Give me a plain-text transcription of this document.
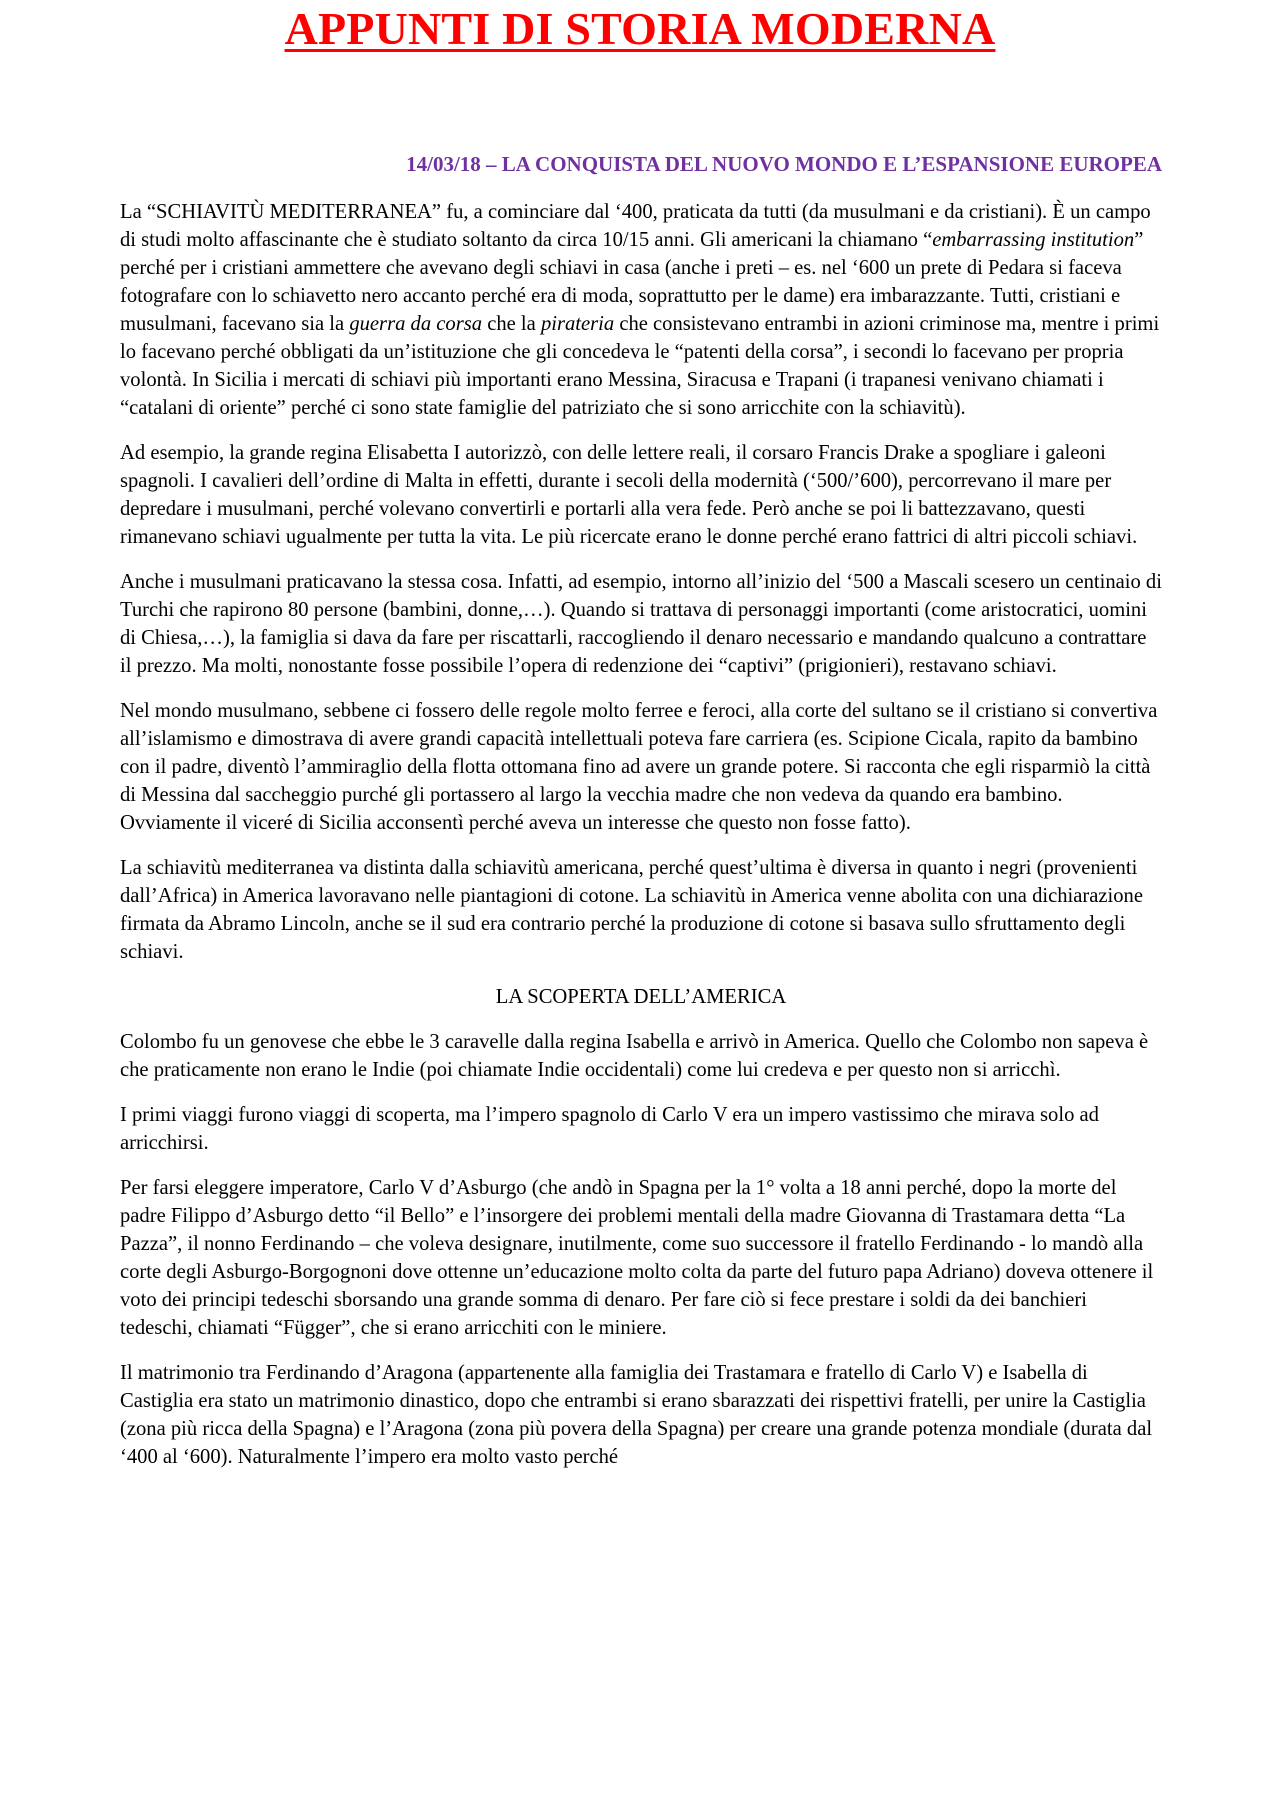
APPUNTI DI STORIA MODERNA
14/03/18 – LA CONQUISTA DEL NUOVO MONDO E L’ESPANSIONE EUROPEA

La “SCHIAVITÙ MEDITERRANEA” fu, a cominciare dal ‘400, praticata da tutti (da musulmani e da cristiani). È un campo di studi molto affascinante che è studiato soltanto da circa 10/15 anni. Gli americani la chiamano “embarrassing institution” perché per i cristiani ammettere che avevano degli schiavi in casa (anche i preti – es. nel ‘600 un prete di Pedara si faceva fotografare con lo schiavetto nero accanto perché era di moda, soprattutto per le dame) era imbarazzante. Tutti, cristiani e musulmani, facevano sia la guerra da corsa che la pirateria che consistevano entrambi in azioni criminose ma, mentre i primi lo facevano perché obbligati da un’istituzione che gli concedeva le “patenti della corsa”, i secondi lo facevano per propria volontà. In Sicilia i mercati di schiavi più importanti erano Messina, Siracusa e Trapani (i trapanesi venivano chiamati i “catalani di oriente” perché ci sono state famiglie del patriziato che si sono arricchite con la schiavitù).

Ad esempio, la grande regina Elisabetta I autorizzò, con delle lettere reali, il corsaro Francis Drake a spogliare i galeoni spagnoli. I cavalieri dell’ordine di Malta in effetti, durante i secoli della modernità (‘500/’600), percorrevano il mare per depredare i musulmani, perché volevano convertirli e portarli alla vera fede. Però anche se poi li battezzavano, questi rimanevano schiavi ugualmente per tutta la vita. Le più ricercate erano le donne perché erano fattrici di altri piccoli schiavi.

Anche i musulmani praticavano la stessa cosa. Infatti, ad esempio, intorno all’inizio del ‘500 a Mascali scesero un centinaio di Turchi che rapirono 80 persone (bambini, donne,…). Quando si trattava di personaggi importanti (come aristocratici, uomini di Chiesa,…), la famiglia si dava da fare per riscattarli, raccogliendo il denaro necessario e mandando qualcuno a contrattare il prezzo. Ma molti, nonostante fosse possibile l’opera di redenzione dei “captivi” (prigionieri), restavano schiavi.

Nel mondo musulmano, sebbene ci fossero delle regole molto ferree e feroci, alla corte del sultano se il cristiano si convertiva all’islamismo e dimostrava di avere grandi capacità intellettuali poteva fare carriera (es. Scipione Cicala, rapito da bambino con il padre, diventò l’ammiraglio della flotta ottomana fino ad avere un grande potere. Si racconta che egli risparmiò la città di Messina dal saccheggio purché gli portassero al largo la vecchia madre che non vedeva da quando era bambino. Ovviamente il viceré di Sicilia acconsentì perché aveva un interesse che questo non fosse fatto).

La schiavitù mediterranea va distinta dalla schiavitù americana, perché quest’ultima è diversa in quanto i negri (provenienti dall’Africa) in America lavoravano nelle piantagioni di cotone. La schiavitù in America venne abolita con una dichiarazione firmata da Abramo Lincoln, anche se il sud era contrario perché la produzione di cotone si basava sullo sfruttamento degli schiavi.

LA SCOPERTA DELL’AMERICA

Colombo fu un genovese che ebbe le 3 caravelle dalla regina Isabella e arrivò in America. Quello che Colombo non sapeva è che praticamente non erano le Indie (poi chiamate Indie occidentali) come lui credeva e per questo non si arricchì.

I primi viaggi furono viaggi di scoperta, ma l’impero spagnolo di Carlo V era un impero vastissimo che mirava solo ad arricchirsi.

Per farsi eleggere imperatore, Carlo V d’Asburgo (che andò in Spagna per la 1° volta a 18 anni perché, dopo la morte del padre Filippo d’Asburgo detto “il Bello” e l’insorgere dei problemi mentali della madre Giovanna di Trastamara detta “La Pazza”, il nonno Ferdinando – che voleva designare, inutilmente, come suo successore il fratello Ferdinando - lo mandò alla corte degli Asburgo-Borgognoni dove ottenne un’educazione molto colta da parte del futuro papa Adriano) doveva ottenere il voto dei principi tedeschi sborsando una grande somma di denaro. Per fare ciò si fece prestare i soldi da dei banchieri tedeschi, chiamati “Függer”, che si erano arricchiti con le miniere.

Il matrimonio tra Ferdinando d’Aragona (appartenente alla famiglia dei Trastamara e fratello di Carlo V) e Isabella di Castiglia era stato un matrimonio dinastico, dopo che entrambi si erano sbarazzati dei rispettivi fratelli, per unire la Castiglia (zona più ricca della Spagna) e l’Aragona (zona più povera della Spagna) per creare una grande potenza mondiale (durata dal ‘400 al ‘600). Naturalmente l’impero era molto vasto perché
